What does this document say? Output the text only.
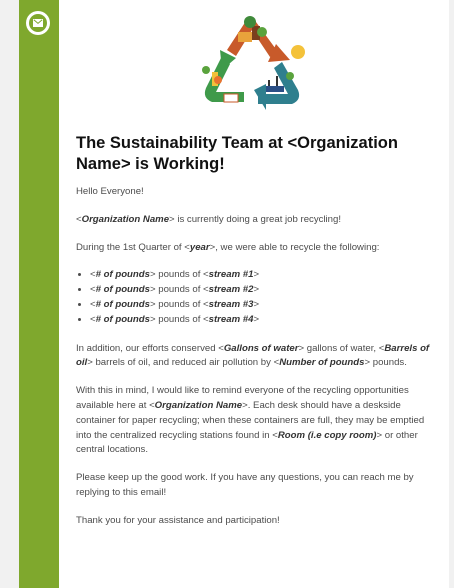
The Sustainability Team at <Organization Name> is Working!

Hello Everyone!

<Organization Name> is currently doing a great job recycling!

During the 1st Quarter of <year>, we were able to recycle the following:

• <# of pounds> pounds of <stream #1>
• <# of pounds> pounds of <stream #2>
• <# of pounds> pounds of <stream #3>
• <# of pounds> pounds of <stream #4>

In addition, our efforts conserved <Gallons of water> gallons of water, <Barrels of oil> barrels of oil, and reduced air pollution by <Number of pounds> pounds.

With this in mind, I would like to remind everyone of the recycling opportunities available here at <Organization Name>. Each desk should have a deskside container for paper recycling; when these containers are full, they may be emptied into the centralized recycling stations found in <Room (i.e copy room)> or other central locations.

Please keep up the good work. If you have any questions, you can reach me by replying to this email!

Thank you for your assistance and participation!
